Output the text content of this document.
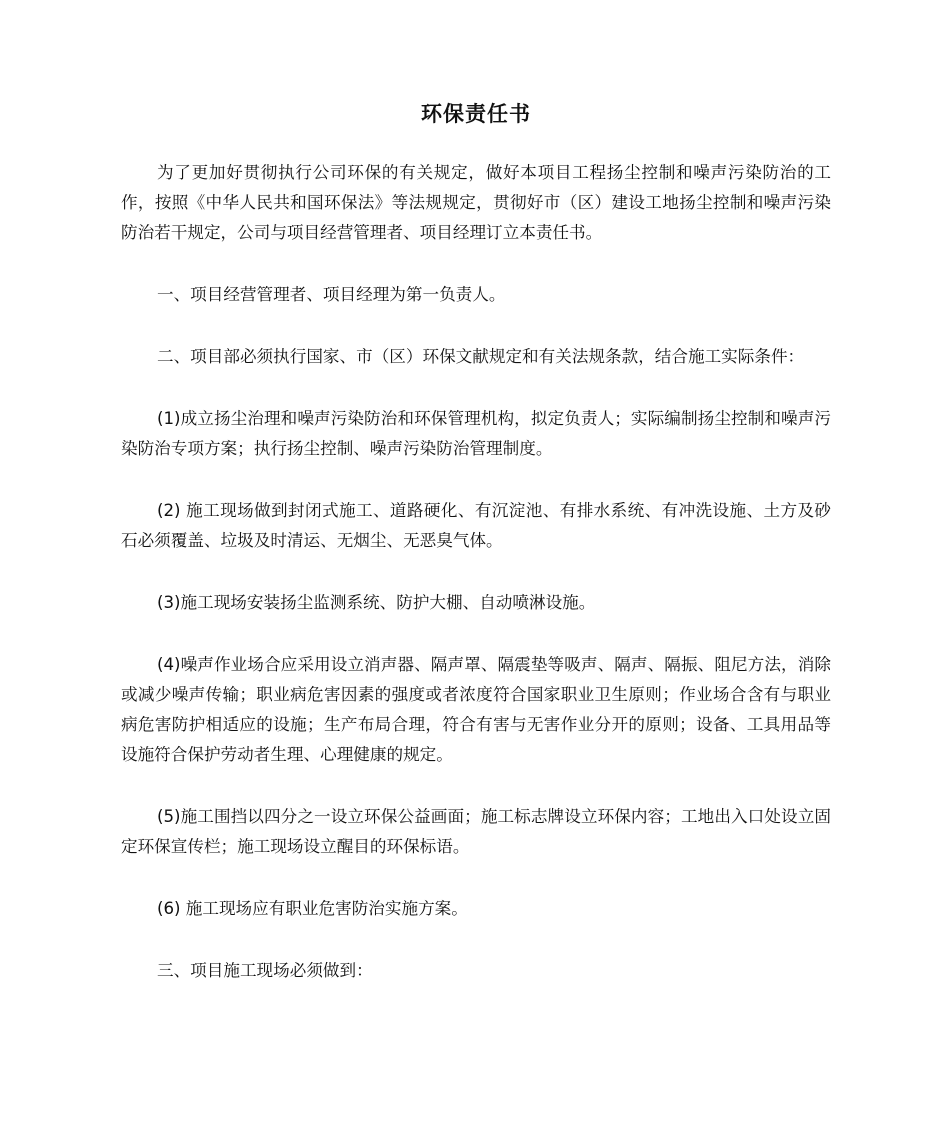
环保责任书

为了更加好贯彻执行公司环保的有关规定，做好本项目工程扬尘控制和噪声污染防治的工作，按照《中华人民共和国环保法》等法规规定，贯彻好市（区）建设工地扬尘控制和噪声污染防治若干规定，公司与项目经营管理者、项目经理订立本责任书。

一、项目经营管理者、项目经理为第一负责人。

二、项目部必须执行国家、市（区）环保文献规定和有关法规条款，结合施工实际条件：

(1)成立扬尘治理和噪声污染防治和环保管理机构，拟定负责人；实际编制扬尘控制和噪声污染防治专项方案；执行扬尘控制、噪声污染防治管理制度。

(2) 施工现场做到封闭式施工、道路硬化、有沉淀池、有排水系统、有冲洗设施、土方及砂石必须覆盖、垃圾及时清运、无烟尘、无恶臭气体。

(3)施工现场安装扬尘监测系统、防护大棚、自动喷淋设施。

(4)噪声作业场合应采用设立消声器、隔声罩、隔震垫等吸声、隔声、隔振、阻尼方法，消除或减少噪声传输；职业病危害因素的强度或者浓度符合国家职业卫生原则；作业场合含有与职业病危害防护相适应的设施；生产布局合理，符合有害与无害作业分开的原则；设备、工具用品等设施符合保护劳动者生理、心理健康的规定。

(5)施工围挡以四分之一设立环保公益画面；施工标志牌设立环保内容；工地出入口处设立固定环保宣传栏；施工现场设立醒目的环保标语。

(6) 施工现场应有职业危害防治实施方案。

三、项目施工现场必须做到：
